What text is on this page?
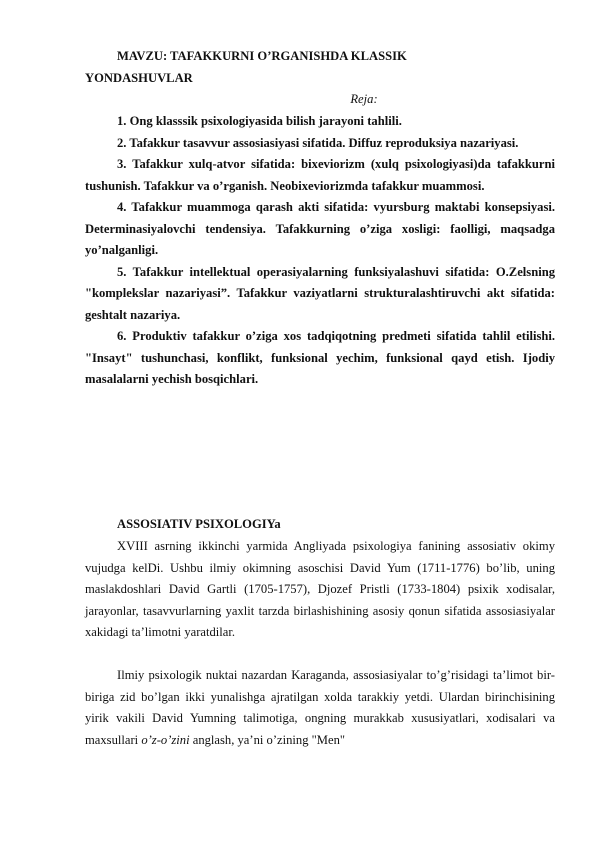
MAVZU: TAFAKKURNI O’RGANISHDA KLASSIK
YONDASHUVLAR
Reja:
1. Ong klasssik psixologiyasida bilish jarayoni tahlili.
2. Tafakkur tasavvur assosiasiyasi sifatida. Diffuz reproduksiya nazariyasi.
3. Tafakkur xulq-atvor sifatida: bixeviorizm (xulq psixologiyasi)da tafakkurni tushunish. Tafakkur va o’rganish. Neobixeviorizmda tafakkur muammosi.
4. Tafakkur muammoga qarash akti sifatida: vyursburg maktabi konsepsiyasi. Determinasiyalovchi tendensiya. Tafakkurning o’ziga xosligi: faolligi, maqsadga yo’nalganligi.
5. Tafakkur intellektual operasiyalarning funksiyalashuvi sifatida: O.Zelsning "komplekslar nazariyasi”. Tafakkur vaziyatlarni strukturalashtiruvchi akt sifatida: geshtalt nazariya.
6. Produktiv tafakkur o’ziga xos tadqiqotning predmeti sifatida tahlil etilishi. "Insayt" tushunchasi, konflikt, funksional yechim, funksional qayd etish. Ijodiy masalalarni yechish bosqichlari.
ASSOSIATIV PSIXOLOGIYa
XVIII asrning ikkinchi yarmida Angliyada psixologiya fanining assosiativ okimy vujudga kelDi. Ushbu ilmiy okimning asoschisi David Yum (1711-1776) bo’lib, uning maslakdoshlari David Gartli (1705-1757), Djozef Pristli (1733-1804) psixik xodisalar, jarayonlar, tasavvurlarning yaxlit tarzda birlashishining asosiy qonun sifatida assosiasiyalar xakidagi ta’limotni yaratdilar.
Ilmiy psixologik nuktai nazardan Karaganda, assosiasiyalar to’g’risidagi ta’limot bir-biriga zid bo’lgan ikki yunalishga ajratilgan xolda tarakkiy yetdi. Ulardan birinchisining yirik vakili David Yumning talimotiga, ongning murakkab xususiyatlari, xodisalari va maxsullari o’z-o’zini anglash, ya’ni o’zining "Men"
